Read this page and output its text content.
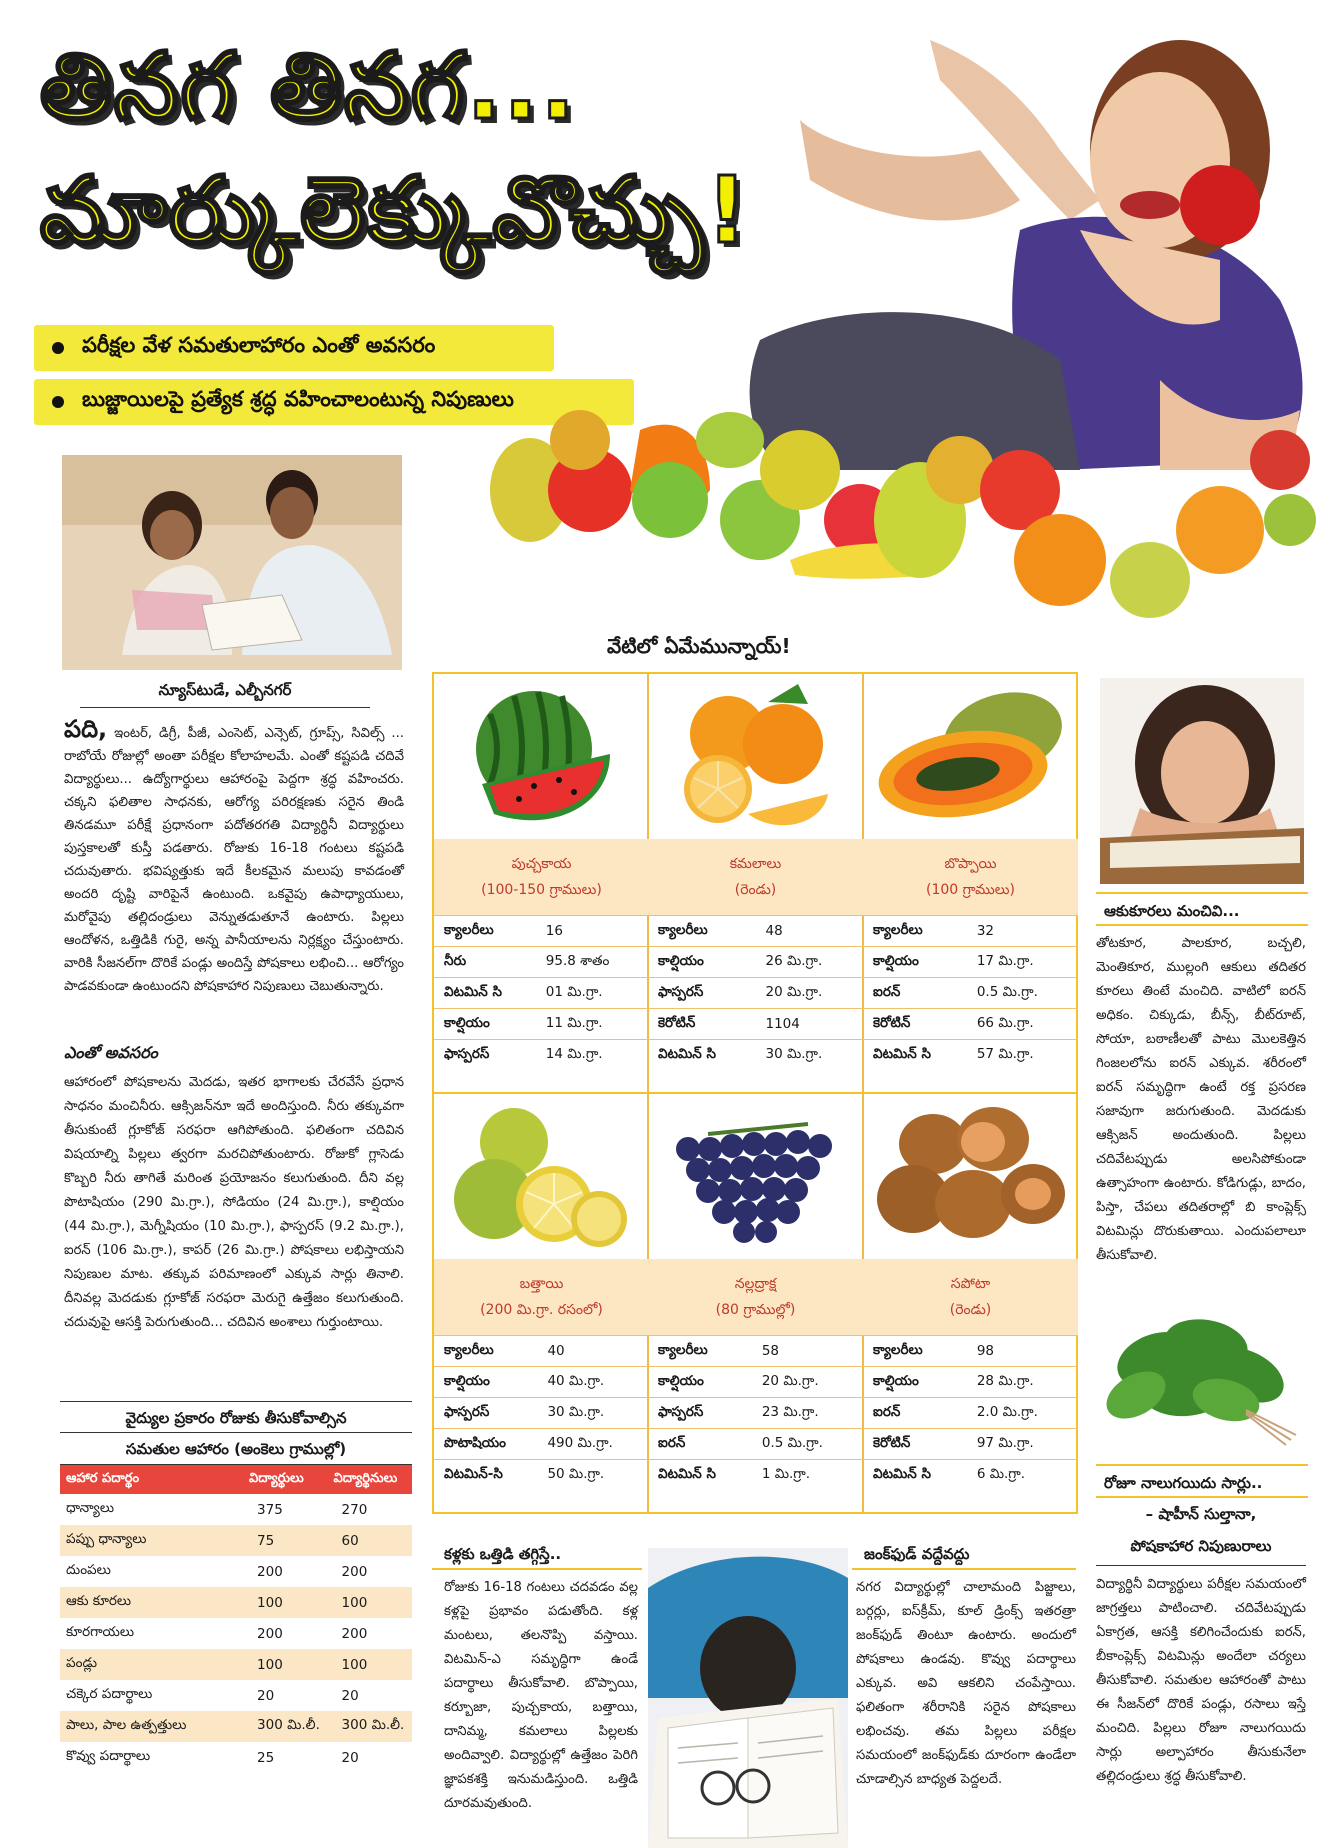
తినగ తినగ...
మార్కులెక్కువొచ్చు!
పరీక్షల వేళ సమతులాహారం ఎంతో అవసరం
బుజ్జాయిలపై ప్రత్యేక శ్రద్ధ వహించాలంటున్న నిపుణులు
న్యూస్‌టుడే, ఎల్బీనగర్
పది, ఇంటర్, డిగ్రీ, పీజీ, ఎంసెట్, ఎన్సెట్, గ్రూప్స్, సివిల్స్ ... రాబోయే రోజుల్లో అంతా పరీక్షల కోలాహలమే. ఎంతో కష్టపడి చదివే విద్యార్థులు... ఉద్యోగార్థులు ఆహారంపై పెద్దగా శ్రద్ధ వహించరు. చక్కని ఫలితాల సాధనకు, ఆరోగ్య పరిరక్షణకు సరైన తిండి తినడమూ పరీక్షే ప్రధానంగా పదోతరగతి విద్యార్థినీ విద్యార్థులు పుస్తకాలతో కుస్తీ పడతారు. రోజుకు 16-18 గంటలు కష్టపడి చదువుతారు. భవిష్యత్తుకు ఇదే కీలకమైన మలుపు కావడంతో అందరి దృష్టి వారిపైనే ఉంటుంది. ఒకవైపు ఉపాధ్యాయులు, మరోవైపు తల్లిదండ్రులు వెన్నుతడుతూనే ఉంటారు. పిల్లలు ఆందోళన, ఒత్తిడికి గురై, అన్న పానీయాలను నిర్లక్ష్యం చేస్తుంటారు. వారికి సీజనల్‌గా దొరికే పండ్లు అందిస్తే పోషకాలు లభించి... ఆరోగ్యం పాడవకుండా ఉంటుందని పోషకాహార నిపుణులు చెబుతున్నారు.
ఎంతో అవసరం
ఆహారంలో పోషకాలను మెదడు, ఇతర భాగాలకు చేరవేసే ప్రధాన సాధనం మంచినీరు. ఆక్సిజన్‌నూ ఇదే అందిస్తుంది. నీరు తక్కువగా తీసుకుంటే గ్లూకోజ్ సరఫరా ఆగిపోతుంది. ఫలితంగా చదివిన విషయాల్ని పిల్లలు త్వరగా మరచిపోతుంటారు. రోజుకో గ్లాసెడు కొబ్బరి నీరు తాగితే మరింత ప్రయోజనం కలుగుతుంది. దీని వల్ల పొటాషియం (290 మి.గ్రా.), సోడియం (24 మి.గ్రా.), కాల్షియం (44 మి.గ్రా.), మెగ్నీషియం (10 మి.గ్రా.), ఫాస్పరస్ (9.2 మి.గ్రా.), ఐరన్ (106 మి.గ్రా.), కాపర్ (26 మి.గ్రా.) పోషకాలు లభిస్తాయని నిపుణుల మాట. తక్కువ పరిమాణంలో ఎక్కువ సార్లు తినాలి. దీనివల్ల మెదడుకు గ్లూకోజ్ సరఫరా మెరుగై ఉత్తేజం కలుగుతుంది. చదువుపై ఆసక్తి పెరుగుతుంది... చదివిన అంశాలు గుర్తుంటాయి.
వైద్యుల ప్రకారం రోజుకు తీసుకోవాల్సిన
సమతుల ఆహారం (అంకెలు గ్రాముల్లో)
ఆహార పదార్థం	విద్యార్థులు	విద్యార్థినులు
ధాన్యాలు	375	270
పప్పు ధాన్యాలు	75	60
దుంపలు	200	200
ఆకు కూరలు	100	100
కూరగాయలు	200	200
పండ్లు	100	100
చక్కెర పదార్థాలు	20	20
పాలు, పాల ఉత్పత్తులు	300 మి.లీ.	300 మి.లీ.
కొవ్వు పదార్థాలు	25	20
వేటిలో ఏమేమున్నాయ్!
పుచ్చకాయ
(100-150 గ్రాములు)
క్యాలరీలు	16
నీరు	95.8 శాతం
విటమిన్ సి	01 మి.గ్రా.
కాల్షియం	11 మి.గ్రా.
ఫాస్పరస్	14 మి.గ్రా.
కమలాలు
(రెండు)
క్యాలరీలు	48
కాల్షియం	26 మి.గ్రా.
ఫాస్పరస్	20 మి.గ్రా.
కెరోటిన్	1104
విటమిన్ సి	30 మి.గ్రా.
బొప్పాయి
(100 గ్రాములు)
క్యాలరీలు	32
కాల్షియం	17 మి.గ్రా.
ఐరన్	0.5 మి.గ్రా.
కెరోటిన్	66 మి.గ్రా.
విటమిన్ సి	57 మి.గ్రా.
బత్తాయి
(200 మి.గ్రా. రసంలో)
క్యాలరీలు	40
కాల్షియం	40 మి.గ్రా.
ఫాస్పరస్	30 మి.గ్రా.
పొటాషియం	490 మి.గ్రా.
విటమిన్-సి	50 మి.గ్రా.
నల్లద్రాక్ష
(80 గ్రాముల్లో)
క్యాలరీలు	58
కాల్షియం	20 మి.గ్రా.
ఫాస్పరస్	23 మి.గ్రా.
ఐరన్	0.5 మి.గ్రా.
విటమిన్ సి	1 మి.గ్రా.
సపోటా
(రెండు)
క్యాలరీలు	98
కాల్షియం	28 మి.గ్రా.
ఐరన్	2.0 మి.గ్రా.
కెరోటిన్	97 మి.గ్రా.
విటమిన్ సి	6 మి.గ్రా.
కళ్లకు ఒత్తిడి తగ్గిస్తే..
రోజుకు 16-18 గంటలు చదవడం వల్ల కళ్లపై ప్రభావం పడుతోంది. కళ్ల మంటలు, తలనొప్పి వస్తాయి. విటమిన్-ఎ సమృద్ధిగా ఉండే పదార్థాలు తీసుకోవాలి. బొప్పాయి, కర్బూజా, పుచ్చకాయ, బత్తాయి, దానిమ్మ, కమలాలు పిల్లలకు అందివ్వాలి. విద్యార్థుల్లో ఉత్తేజం పెరిగి జ్ఞాపకశక్తి ఇనుమడిస్తుంది. ఒత్తిడి దూరమవుతుంది.
జంక్‌ఫుడ్ వద్దేవద్దు
నగర విద్యార్థుల్లో చాలామంది పిజ్జాలు, బర్గర్లు, ఐస్‌క్రీమ్, కూల్ డ్రింక్స్ ఇతరత్రా జంక్‌ఫుడ్ తింటూ ఉంటారు. అందులో పోషకాలు ఉండవు. కొవ్వు పదార్థాలు ఎక్కువ. అవి ఆకలిని చంపేస్తాయి. ఫలితంగా శరీరానికి సరైన పోషకాలు లభించవు. తమ పిల్లలు పరీక్షల సమయంలో జంక్‌ఫుడ్‌కు దూరంగా ఉండేలా చూడాల్సిన బాధ్యత పెద్దలదే.
ఆకుకూరలు మంచివి...
తోటకూర, పాలకూర, బచ్చలి, మెంతికూర, ముల్లంగి ఆకులు తదితర కూరలు తింటే మంచిది. వాటిలో ఐరన్ అధికం. చిక్కుడు, బీన్స్, బీట్‌రూట్, సోయా, బఠాణీలతో పాటు మొలకెత్తిన గింజలలోను ఐరన్ ఎక్కువ. శరీరంలో ఐరన్ సమృద్ధిగా ఉంటే రక్త ప్రసరణ సజావుగా జరుగుతుంది. మెదడుకు ఆక్సిజన్ అందుతుంది. పిల్లలు చదివేటప్పుడు అలసిపోకుండా ఉత్సాహంగా ఉంటారు. కోడిగుడ్లు, బాదం, పిస్తా, చేపలు తదితరాల్లో బి కాంప్లెక్స్ విటమిన్లు దొరుకుతాయి. ఎందుపలాలూ తీసుకోవాలి.
రోజూ నాలుగయిదు సార్లు..
– షాహీన్ సుల్తానా,
పోషకాహార నిపుణురాలు
విద్యార్థినీ విద్యార్థులు పరీక్షల సమయంలో జాగ్రత్తలు పాటించాలి. చదివేటప్పుడు ఏకాగ్రత, ఆసక్తి కలిగించేందుకు ఐరన్, బీకాంప్లెక్స్ విటమిన్లు అందేలా చర్యలు తీసుకోవాలి. సమతుల ఆహారంతో పాటు ఈ సీజన్‌లో దొరికే పండ్లు, రసాలు ఇస్తే మంచిది. పిల్లలు రోజూ నాలుగయిదు సార్లు అల్పాహారం తీసుకునేలా తల్లిదండ్రులు శ్రద్ధ తీసుకోవాలి.
